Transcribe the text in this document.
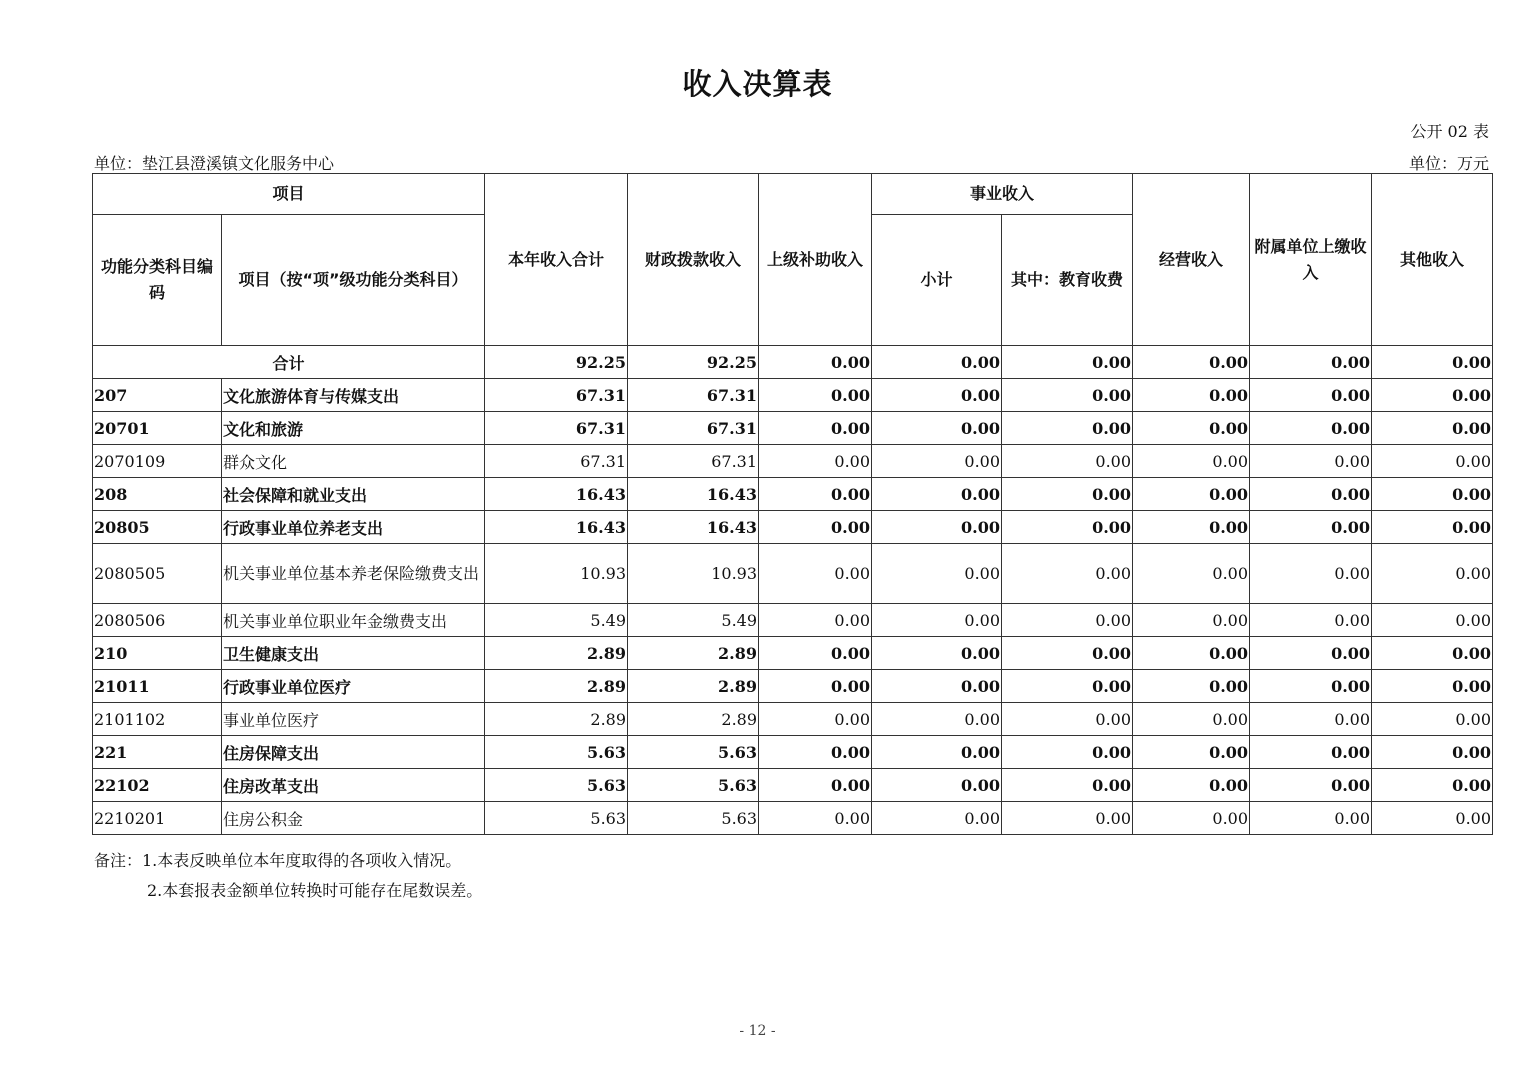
收入决算表
公开 02 表
单位：垫江县澄溪镇文化服务中心	单位：万元
项目		本年收入合计	财政拨款收入	上级补助收入	事业收入		经营收入	附属单位上缴收入	其他收入
功能分类科目编码	项目（按“项”级功能分类科目）				小计	其中：教育收费			
合计		92.25	92.25	0.00	0.00	0.00	0.00	0.00	0.00
207	文化旅游体育与传媒支出	67.31	67.31	0.00	0.00	0.00	0.00	0.00	0.00
20701	文化和旅游	67.31	67.31	0.00	0.00	0.00	0.00	0.00	0.00
2070109	群众文化	67.31	67.31	0.00	0.00	0.00	0.00	0.00	0.00
208	社会保障和就业支出	16.43	16.43	0.00	0.00	0.00	0.00	0.00	0.00
20805	行政事业单位养老支出	16.43	16.43	0.00	0.00	0.00	0.00	0.00	0.00
2080505	机关事业单位基本养老保险缴费支出	10.93	10.93	0.00	0.00	0.00	0.00	0.00	0.00
2080506	机关事业单位职业年金缴费支出	5.49	5.49	0.00	0.00	0.00	0.00	0.00	0.00
210	卫生健康支出	2.89	2.89	0.00	0.00	0.00	0.00	0.00	0.00
21011	行政事业单位医疗	2.89	2.89	0.00	0.00	0.00	0.00	0.00	0.00
2101102	事业单位医疗	2.89	2.89	0.00	0.00	0.00	0.00	0.00	0.00
221	住房保障支出	5.63	5.63	0.00	0.00	0.00	0.00	0.00	0.00
22102	住房改革支出	5.63	5.63	0.00	0.00	0.00	0.00	0.00	0.00
2210201	住房公积金	5.63	5.63	0.00	0.00	0.00	0.00	0.00	0.00
备注：1.本表反映单位本年度取得的各项收入情况。
2.本套报表金额单位转换时可能存在尾数误差。
- 12 -
